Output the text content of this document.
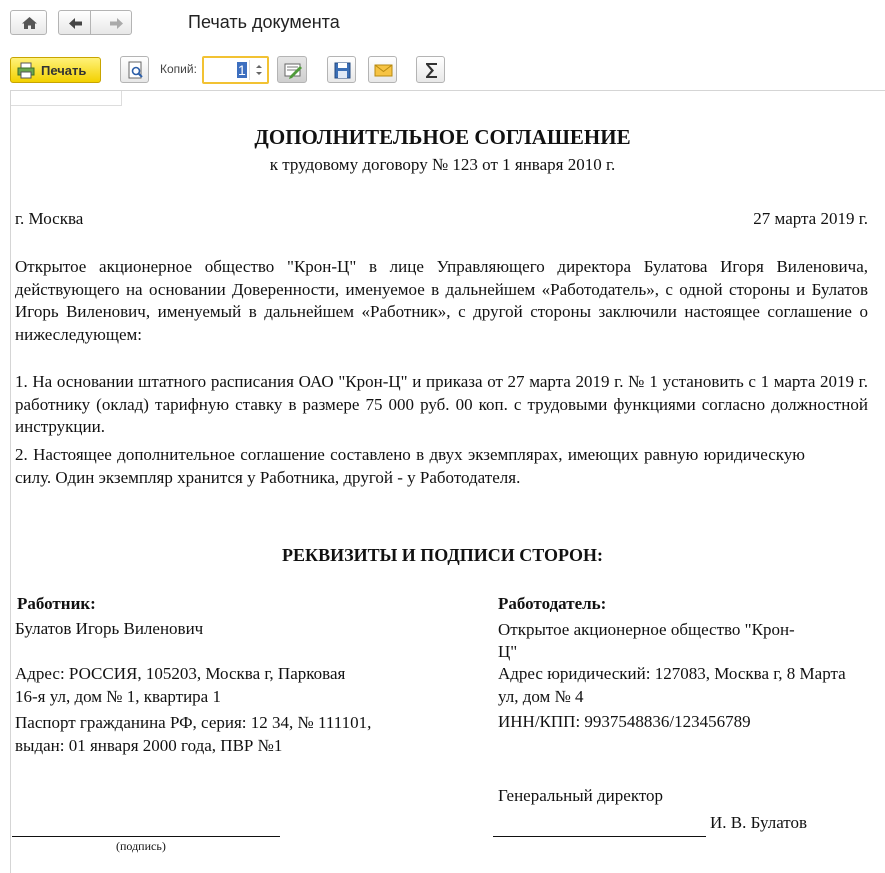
Печать документа
Печать	Копий:	1
ДОПОЛНИТЕЛЬНОЕ СОГЛАШЕНИЕ
к трудовому договору № 123 от 1 января 2010 г.
г. Москва	27 марта 2019 г.
Открытое акционерное общество "Крон-Ц" в лице Управляющего директора Булатова Игоря Виленовича, действующего на основании Доверенности, именуемое в дальнейшем «Работодатель», с одной стороны и Булатов Игорь Виленович, именуемый в дальнейшем «Работник», с другой стороны заключили настоящее соглашение о нижеследующем:
1. На основании штатного расписания ОАО "Крон-Ц" и приказа от 27 марта 2019 г. № 1 установить с 1 марта 2019 г. работнику (оклад) тарифную ставку в размере 75 000 руб. 00 коп. с трудовыми функциями согласно должностной инструкции.
2. Настоящее дополнительное соглашение составлено в двух экземплярах, имеющих равную юридическую силу. Один экземпляр хранится у Работника, другой - у Работодателя.
РЕКВИЗИТЫ И ПОДПИСИ СТОРОН:
Работник:
Булатов Игорь Виленович
Адрес: РОССИЯ, 105203, Москва г, Парковая 16-я ул, дом № 1, квартира 1
Паспорт гражданина РФ, серия: 12 34, № 111101, выдан: 01 января 2000 года, ПВР №1
(подпись)
Работодатель:
Открытое акционерное общество "Крон-Ц"
Адрес юридический: 127083, Москва г, 8 Марта ул, дом № 4
ИНН/КПП: 9937548836/123456789
Генеральный директор
И. В. Булатов
